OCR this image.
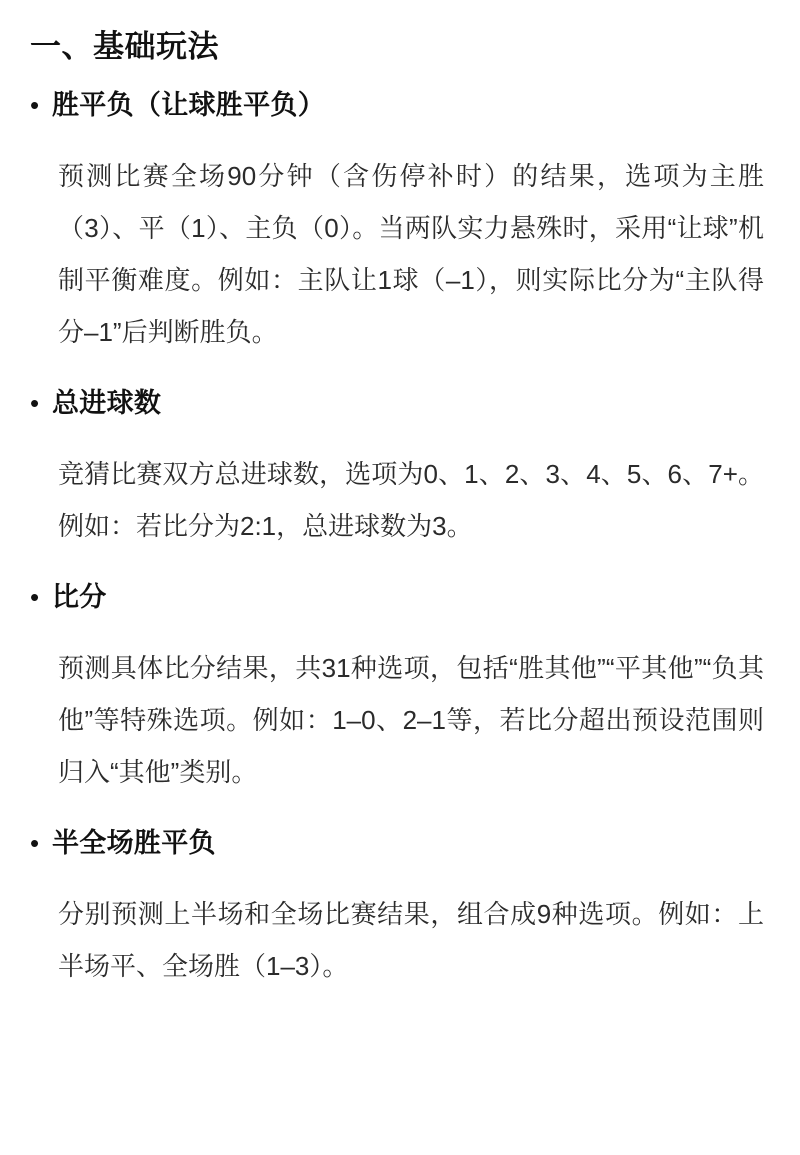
一、基础玩法
• 胜平负（让球胜平负）

预测比赛全场90分钟（含伤停补时）的结果，选项为主胜（3）、平（1）、主负（0）。当两队实力悬殊时，采用“让球”机制平衡难度。例如：主队让1球（–1），则实际比分为“主队得分–1”后判断胜负。

• 总进球数

竞猜比赛双方总进球数，选项为0、1、2、3、4、5、6、7+。例如：若比分为2:1，总进球数为3。

• 比分

预测具体比分结果，共31种选项，包括“胜其他”“平其他”“负其他”等特殊选项。例如：1–0、2–1等，若比分超出预设范围则归入“其他”类别。

• 半全场胜平负

分别预测上半场和全场比赛结果，组合成9种选项。例如：上半场平、全场胜（1–3）。
